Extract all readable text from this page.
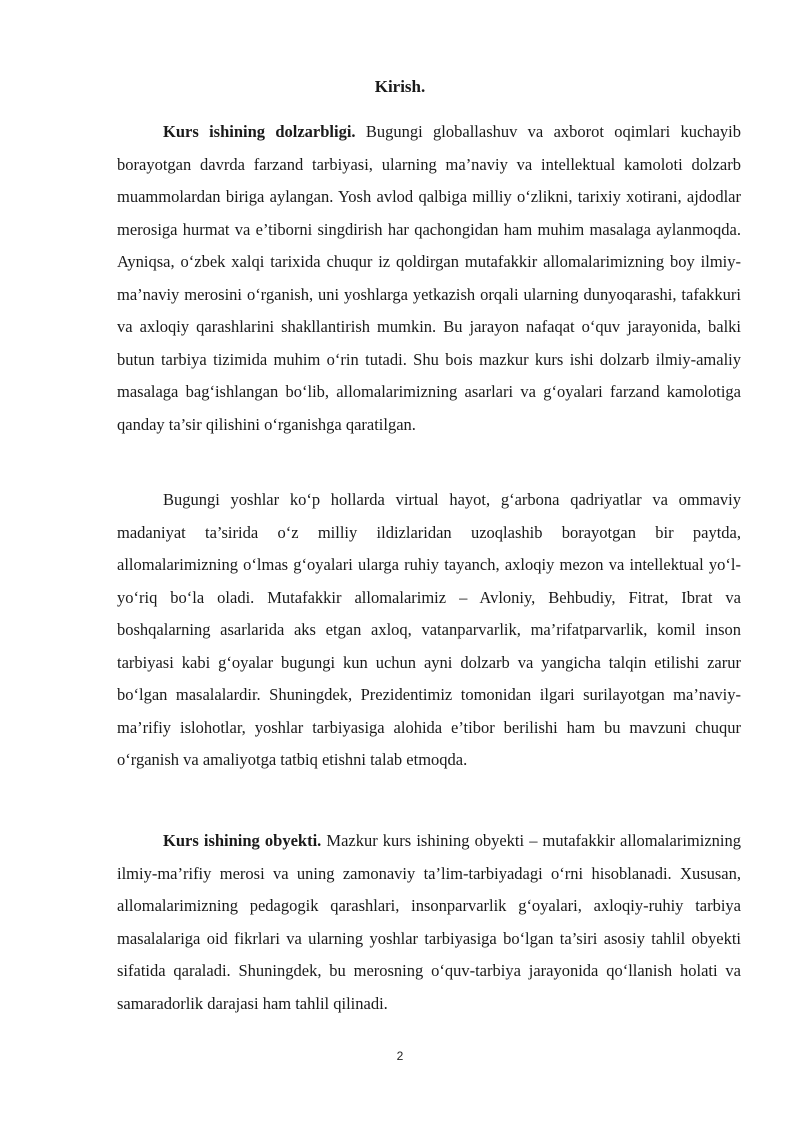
Kirish.

Kurs ishining dolzarbligi. Bugungi globallashuv va axborot oqimlari kuchayib borayotgan davrda farzand tarbiyasi, ularning ma’naviy va intellektual kamoloti dolzarb muammolardan biriga aylangan. Yosh avlod qalbiga milliy o‘zlikni, tarixiy xotirani, ajdodlar merosiga hurmat va e’tiborni singdirish har qachongidan ham muhim masalaga aylanmoqda. Ayniqsa, o‘zbek xalqi tarixida chuqur iz qoldirgan mutafakkir allomalarimizning boy ilmiy-ma’naviy merosini o‘rganish, uni yoshlarga yetkazish orqali ularning dunyoqarashi, tafakkuri va axloqiy qarashlarini shakllantirish mumkin. Bu jarayon nafaqat o‘quv jarayonida, balki butun tarbiya tizimida muhim o‘rin tutadi. Shu bois mazkur kurs ishi dolzarb ilmiy-amaliy masalaga bag‘ishlangan bo‘lib, allomalarimizning asarlari va g‘oyalari farzand kamolotiga qanday ta’sir qilishini o‘rganishga qaratilgan.

Bugungi yoshlar ko‘p hollarda virtual hayot, g‘arbona qadriyatlar va ommaviy madaniyat ta’sirida o‘z milliy ildizlaridan uzoqlashib borayotgan bir paytda, allomalarimizning o‘lmas g‘oyalari ularga ruhiy tayanch, axloqiy mezon va intellektual yo‘l-yo‘riq bo‘la oladi. Mutafakkir allomalarimiz – Avloniy, Behbudiy, Fitrat, Ibrat va boshqalarning asarlarida aks etgan axloq, vatanparvarlik, ma’rifatparvarlik, komil inson tarbiyasi kabi g‘oyalar bugungi kun uchun ayni dolzarb va yangicha talqin etilishi zarur bo‘lgan masalalardir. Shuningdek, Prezidentimiz tomonidan ilgari surilayotgan ma’naviy-ma’rifiy islohotlar, yoshlar tarbiyasiga alohida e’tibor berilishi ham bu mavzuni chuqur o‘rganish va amaliyotga tatbiq etishni talab etmoqda.

Kurs ishining obyekti. Mazkur kurs ishining obyekti – mutafakkir allomalarimizning ilmiy-ma’rifiy merosi va uning zamonaviy ta’lim-tarbiyadagi o‘rni hisoblanadi. Xususan, allomalarimizning pedagogik qarashlari, insonparvarlik g‘oyalari, axloqiy-ruhiy tarbiya masalalariga oid fikrlari va ularning yoshlar tarbiyasiga bo‘lgan ta’siri asosiy tahlil obyekti sifatida qaraladi. Shuningdek, bu merosning o‘quv-tarbiya jarayonida qo‘llanish holati va samaradorlik darajasi ham tahlil qilinadi.

2
